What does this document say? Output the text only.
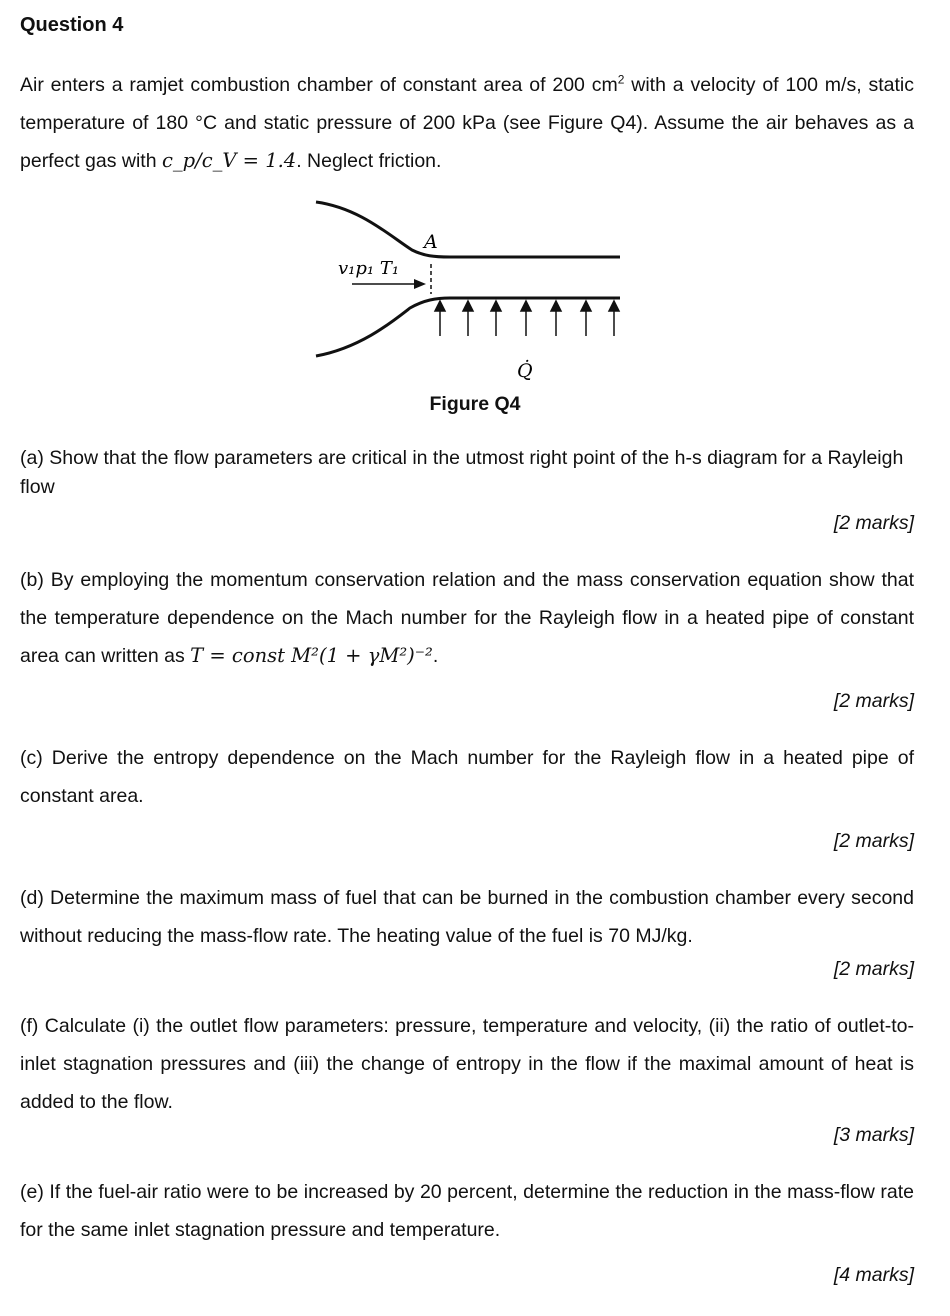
Question 4
Air enters a ramjet combustion chamber of constant area of 200 $cm^2$ with a velocity of 100 m/s, static temperature of 180 °C and static pressure of 200 kPa (see Figure Q4). Assume the air behaves as a perfect gas with c_p/c_V = 1.4. Neglect friction.
A
v₁p₁ T₁
Q̇
Figure Q4
(a) Show that the flow parameters are critical in the utmost right point of the h-s diagram for a Rayleigh flow
[2 marks]
(b) By employing the momentum conservation relation and the mass conservation equation show that the temperature dependence on the Mach number for the Rayleigh flow in a heated pipe of constant area can written as T = const M²(1 + γM²)⁻².
[2 marks]
(c) Derive the entropy dependence on the Mach number for the Rayleigh flow in a heated pipe of constant area.
[2 marks]
(d) Determine the maximum mass of fuel that can be burned in the combustion chamber every second without reducing the mass-flow rate. The heating value of the fuel is 70 MJ/kg.
[2 marks]
(f) Calculate (i) the outlet flow parameters: pressure, temperature and velocity, (ii) the ratio of outlet-to-inlet stagnation pressures and (iii) the change of entropy in the flow if the maximal amount of heat is added to the flow.
[3 marks]
(e) If the fuel-air ratio were to be increased by 20 percent, determine the reduction in the mass-flow rate for the same inlet stagnation pressure and temperature.
[4 marks]
